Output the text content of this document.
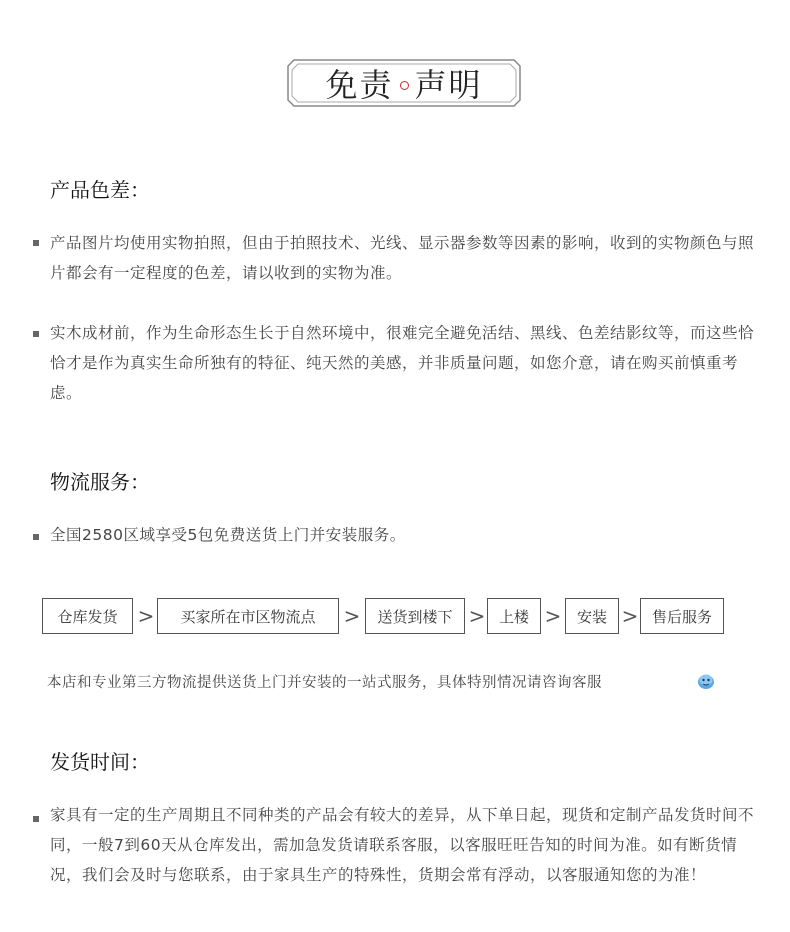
免责 声明
产品色差：

产品图片均使用实物拍照，但由于拍照技术、光线、显示器参数等因素的影响，收到的实物颜色与照片都会有一定程度的色差，请以收到的实物为准。

实木成材前，作为生命形态生长于自然环境中，很难完全避免活结、黑线、色差结影纹等，而这些恰恰才是作为真实生命所独有的特征、纯天然的美感，并非质量问题，如您介意，请在购买前慎重考虑。

物流服务：

全国2580区域享受5包免费送货上门并安装服务。

仓库发货	>	买家所在市区物流点	>	送货到楼下 > 上楼 >	安装 > 售后服务

本店和专业第三方物流提供送货上门并安装的一站式服务，具体特别情况请咨询客服

发货时间：

家具有一定的生产周期且不同种类的产品会有较大的差异，从下单日起，现货和定制产品发货时间不同，一般7到60天从仓库发出，需加急发货请联系客服，以客服旺旺告知的时间为准。如有断货情况，我们会及时与您联系，由于家具生产的特殊性，货期会常有浮动，以客服通知您的为准！
